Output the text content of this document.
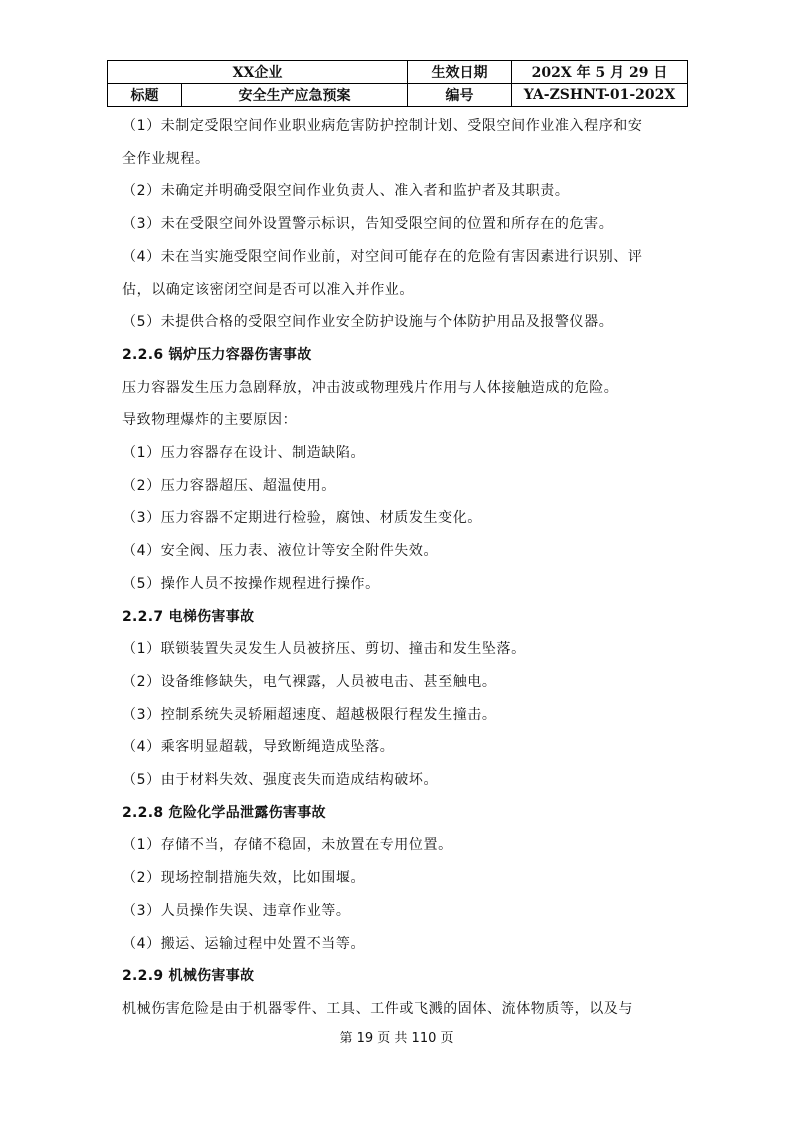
XX企业		生效日期	202X 年 5 月 29 日
标题	安全生产应急预案	编号	YA-ZSHNT-01-202X

（1）未制定受限空间作业职业病危害防护控制计划、受限空间作业准入程序和安

全作业规程。

（2）未确定并明确受限空间作业负责人、准入者和监护者及其职责。

（3）未在受限空间外设置警示标识，告知受限空间的位置和所存在的危害。

（4）未在当实施受限空间作业前，对空间可能存在的危险有害因素进行识别、评

估，以确定该密闭空间是否可以准入并作业。

（5）未提供合格的受限空间作业安全防护设施与个体防护用品及报警仪器。

2.2.6 锅炉压力容器伤害事故

压力容器发生压力急剧释放，冲击波或物理残片作用与人体接触造成的危险。

导致物理爆炸的主要原因：

（1）压力容器存在设计、制造缺陷。

（2）压力容器超压、超温使用。

（3）压力容器不定期进行检验，腐蚀、材质发生变化。

（4）安全阀、压力表、液位计等安全附件失效。

（5）操作人员不按操作规程进行操作。

2.2.7 电梯伤害事故

（1）联锁装置失灵发生人员被挤压、剪切、撞击和发生坠落。

（2）设备维修缺失，电气裸露，人员被电击、甚至触电。

（3）控制系统失灵轿厢超速度、超越极限行程发生撞击。

（4）乘客明显超载，导致断绳造成坠落。

（5）由于材料失效、强度丧失而造成结构破坏。

2.2.8 危险化学品泄露伤害事故

（1）存储不当，存储不稳固，未放置在专用位置。

（2）现场控制措施失效，比如围堰。

（3）人员操作失误、违章作业等。

（4）搬运、运输过程中处置不当等。

2.2.9 机械伤害事故

机械伤害危险是由于机器零件、工具、工件或飞溅的固体、流体物质等，以及与

第 19 页 共 110 页
